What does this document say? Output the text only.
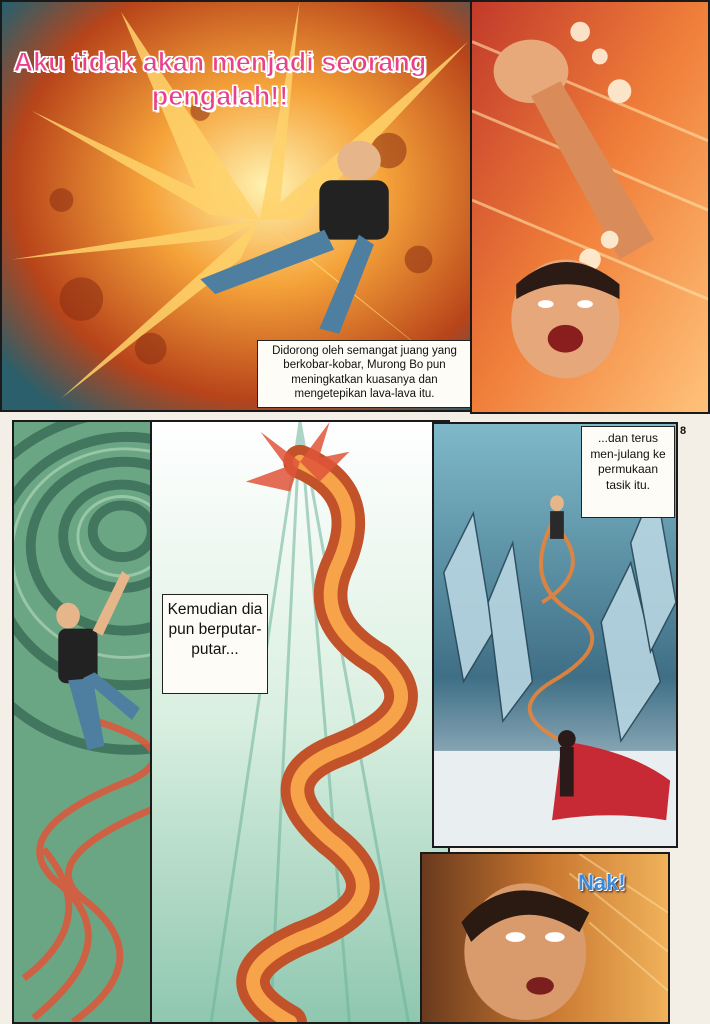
8
Aku tidak akan menjadi seorang pengalah!!
Didorong oleh semangat juang yang berkobar-kobar, Murong Bo pun meningkatkan kuasanya dan mengetepikan lava-lava itu.
Kemudian dia pun berputar-putar...
...dan terus men-julang ke permukaan tasik itu.
Nak!
